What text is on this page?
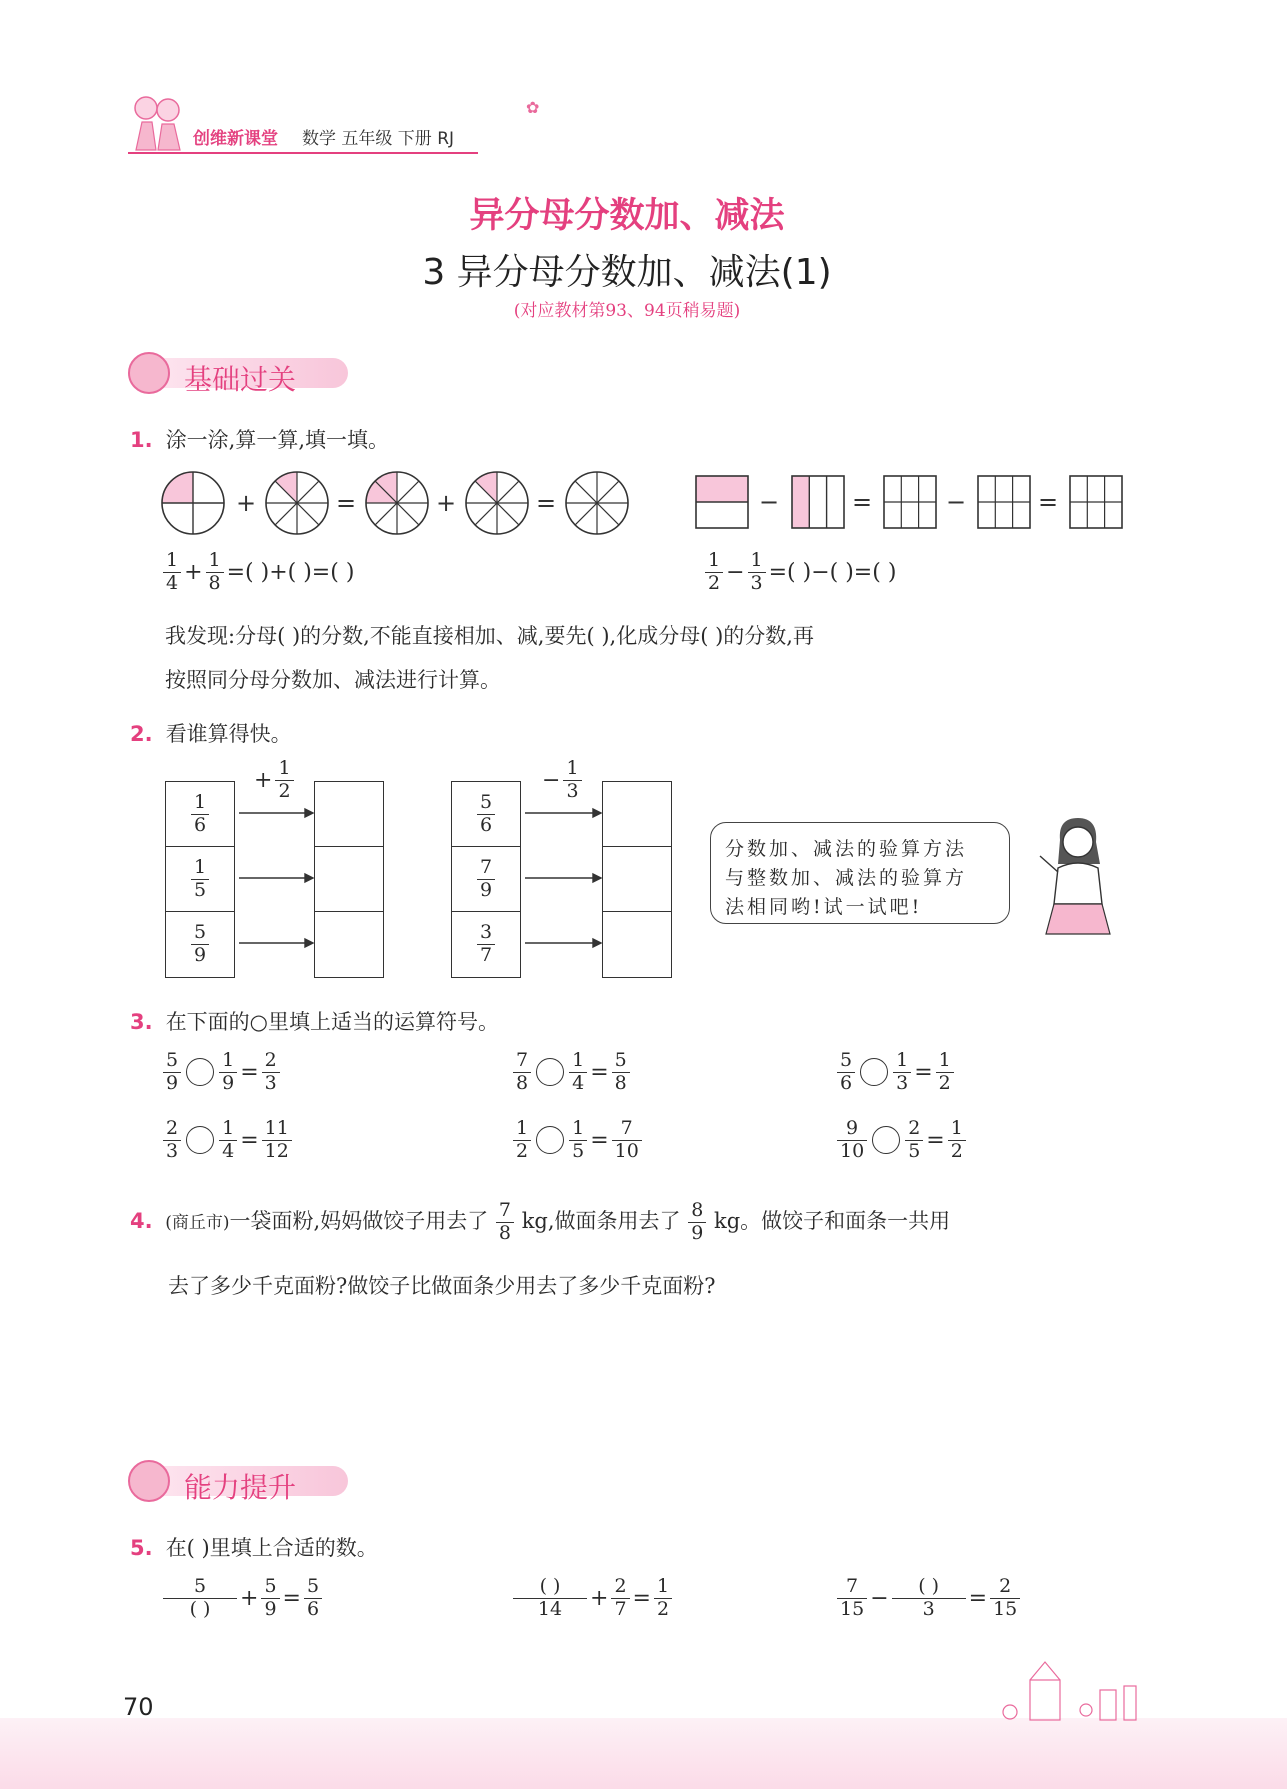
创维新课堂 数学 五年级 下册 RJ
✿
异分母分数加、减法
3 异分母分数加、减法(1)
(对应教材第93、94页稍易题)
基础过关
1. 涂一涂,算一算,填一填。
+	=	+	=	−	=	−	=
$\frac{1}{4} + \frac{1}{8}$ =( )+( )=( )	$\frac{1}{2} - \frac{1}{3}$ =( )−( )=( )
我发现:分母( )的分数,不能直接相加、减,要先( ),化成分母( )的分数,再
按照同分母分数加、减法进行计算。
2. 看谁算得快。
+ $\frac{1}{2}$
$\frac{1}{6}$
$\frac{1}{5}$
$\frac{5}{9}$
− $\frac{1}{3}$
$\frac{5}{6}$
$\frac{7}{9}$
$\frac{3}{7}$
分数加、减法的验算方法
与整数加、减法的验算方
法相同哟!试一试吧!
3. 在下面的○里填上适当的运算符号。
$\frac{5}{9} \frac{1}{9} = \frac{2}{3}$	$\frac{7}{8} \frac{1}{4} = \frac{5}{8}$	$\frac{5}{6} \frac{1}{3} = \frac{1}{2}$
$\frac{2}{3} \frac{1}{4} = \frac{11}{12}$	$\frac{1}{2} \frac{1}{5} = \frac{7}{10}$	$\frac{9}{10} \frac{2}{5} = \frac{1}{2}$
4. (商丘市)一袋面粉,妈妈做饺子用去了 $\frac{7}{8}$ kg,做面条用去了 $\frac{8}{9}$ kg。做饺子和面条一共用
去了多少千克面粉?做饺子比做面条少用去了多少千克面粉?
能力提升
5. 在( )里填上合适的数。
$\frac{5}{( )} + \frac{5}{9} = \frac{5}{6}$	$\frac{( )}{14} + \frac{2}{7} = \frac{1}{2}$	$\frac{7}{15} - \frac{( )}{3} = \frac{2}{15}$
70
